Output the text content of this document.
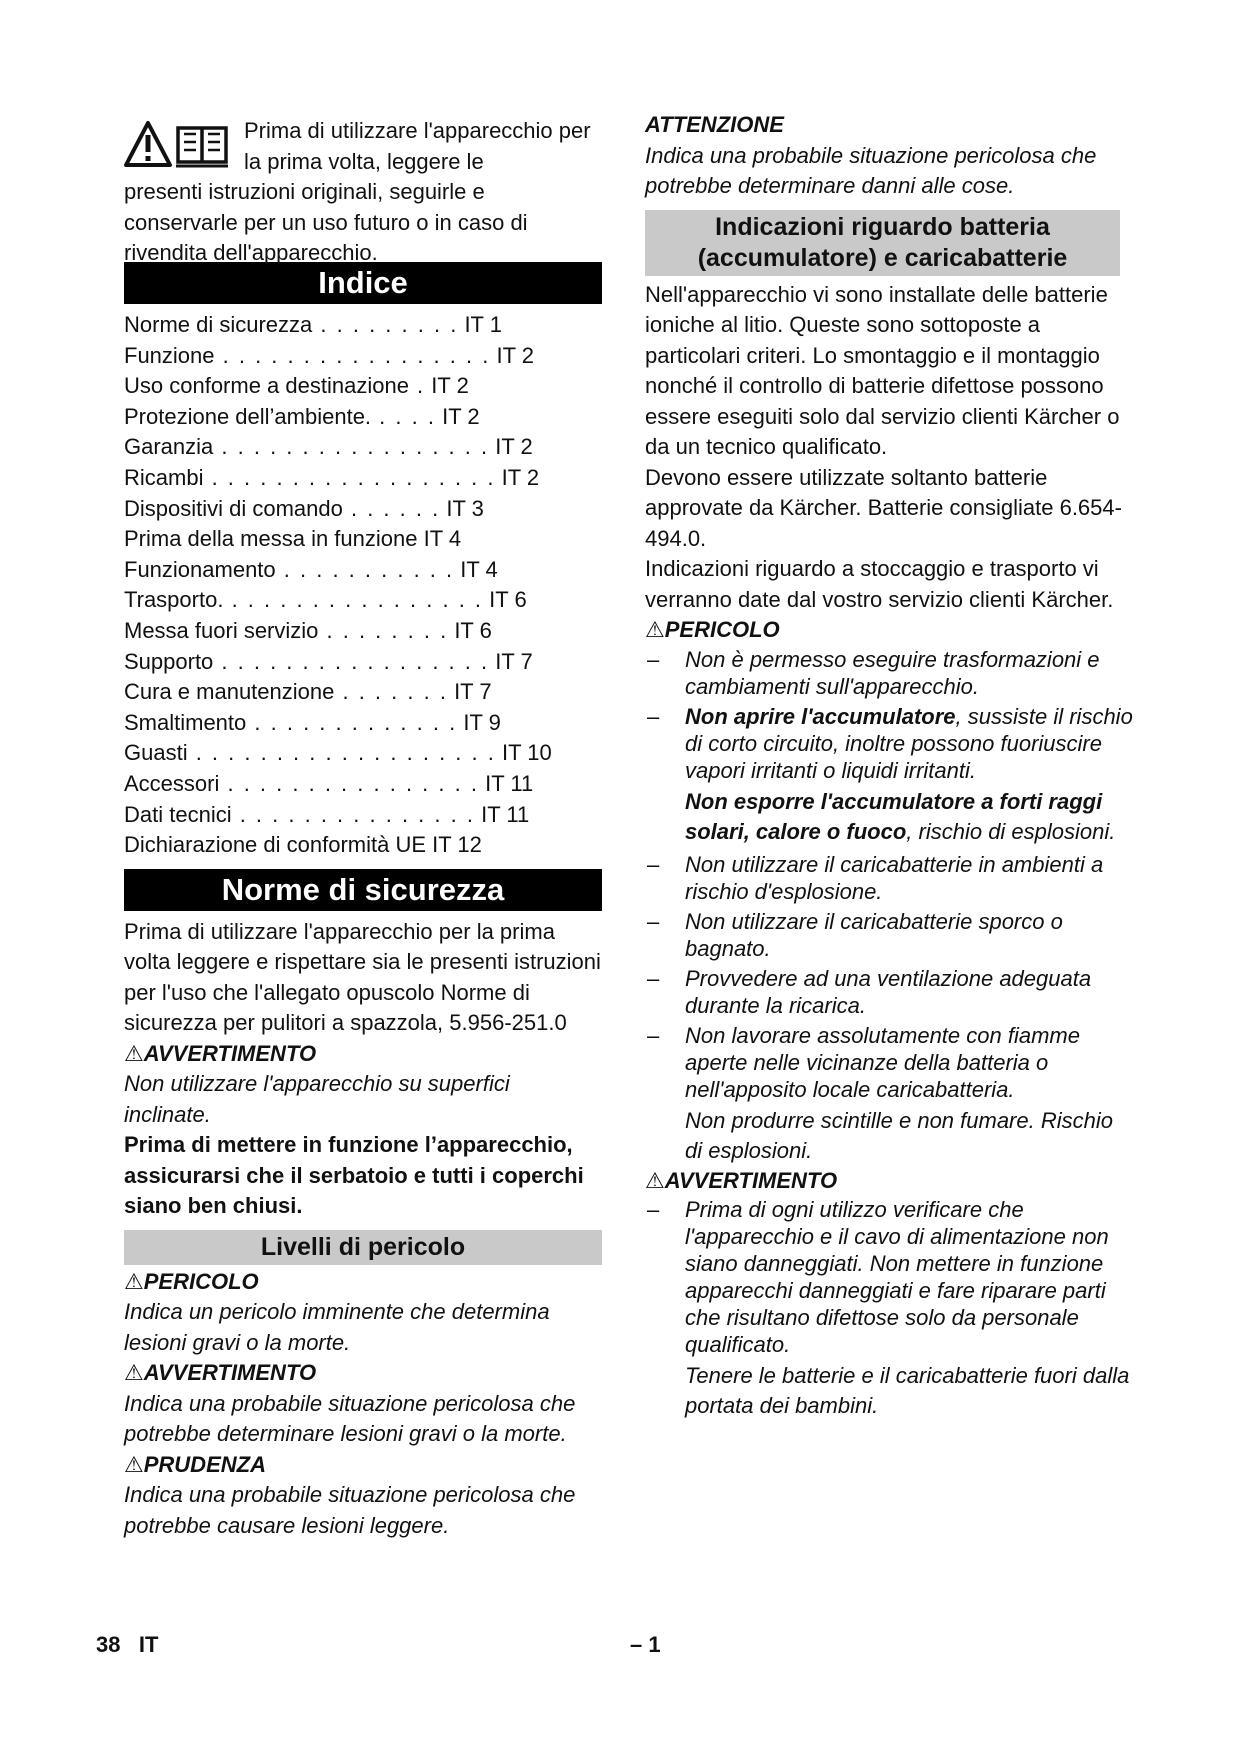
Prima di utilizzare l'apparecchio per la prima volta, leggere le

presenti istruzioni originali, seguirle e conservarle per un uso futuro o in caso di rivendita dell'apparecchio.

Indice
Norme di sicurezza . . . . . . . . . IT 1
Funzione . . . . . . . . . . . . . . . . . IT 2
Uso conforme a destinazione . IT 2
Protezione dell’ambiente. . . . . IT 2
Garanzia . . . . . . . . . . . . . . . . . IT 2
Ricambi . . . . . . . . . . . . . . . . . . IT 2
Dispositivi di comando . . . . . . IT 3
Prima della messa in funzione IT 4
Funzionamento . . . . . . . . . . . IT 4
Trasporto. . . . . . . . . . . . . . . . . IT 6
Messa fuori servizio . . . . . . . . IT 6
Supporto . . . . . . . . . . . . . . . . . IT 7
Cura e manutenzione . . . . . . . IT 7
Smaltimento . . . . . . . . . . . . . IT 9
Guasti . . . . . . . . . . . . . . . . . . . IT 10
Accessori . . . . . . . . . . . . . . . . IT 11
Dati tecnici . . . . . . . . . . . . . . . IT 11
Dichiarazione di conformità UE IT 12
Norme di sicurezza

Prima di utilizzare l'apparecchio per la prima volta leggere e rispettare sia le presenti istruzioni per l'uso che l'allegato opuscolo Norme di sicurezza per pulitori a spazzola, 5.956-251.0

⚠AVVERTIMENTO

Non utilizzare l'apparecchio su superfici inclinate.

Prima di mettere in funzione l’apparecchio, assicurarsi che il serbatoio e tutti i coperchi siano ben chiusi.

Livelli di pericolo
⚠PERICOLO

Indica un pericolo imminente che determina lesioni gravi o la morte.

⚠AVVERTIMENTO

Indica una probabile situazione pericolosa che potrebbe determinare lesioni gravi o la morte.

⚠PRUDENZA

Indica una probabile situazione pericolosa che potrebbe causare lesioni leggere.

ATTENZIONE

Indica una probabile situazione pericolosa che potrebbe determinare danni alle cose.

Indicazioni riguardo batteria (accumulatore) e caricabatterie

Nell'apparecchio vi sono installate delle batterie ioniche al litio. Queste sono sottoposte a particolari criteri. Lo smontaggio e il montaggio nonché il controllo di batterie difettose possono essere eseguiti solo dal servizio clienti Kärcher o da un tecnico qualificato.

Devono essere utilizzate soltanto batterie approvate da Kärcher. Batterie consigliate 6.654-494.0.

Indicazioni riguardo a stoccaggio e trasporto vi verranno date dal vostro servizio clienti Kärcher.

⚠PERICOLO
– Non è permesso eseguire trasformazioni e cambiamenti sull'apparecchio.
– Non aprire l'accumulatore, sussiste il rischio di corto circuito, inoltre possono fuoriuscire vapori irritanti o liquidi irritanti.

Non esporre l'accumulatore a forti raggi solari, calore o fuoco, rischio di esplosioni.

– Non utilizzare il caricabatterie in ambienti a rischio d'esplosione.
– Non utilizzare il caricabatterie sporco o bagnato.
– Provvedere ad una ventilazione adeguata durante la ricarica.
– Non lavorare assolutamente con fiamme aperte nelle vicinanze della batteria o nell'apposito locale caricabatteria.

Non produrre scintille e non fumare. Rischio di esplosioni.

⚠AVVERTIMENTO
– Prima di ogni utilizzo verificare che l'apparecchio e il cavo di alimentazione non siano danneggiati. Non mettere in funzione apparecchi danneggiati e fare riparare parti che risultano difettose solo da personale qualificato.

Tenere le batterie e il caricabatterie fuori dalla portata dei bambini.

38 IT	– 1
